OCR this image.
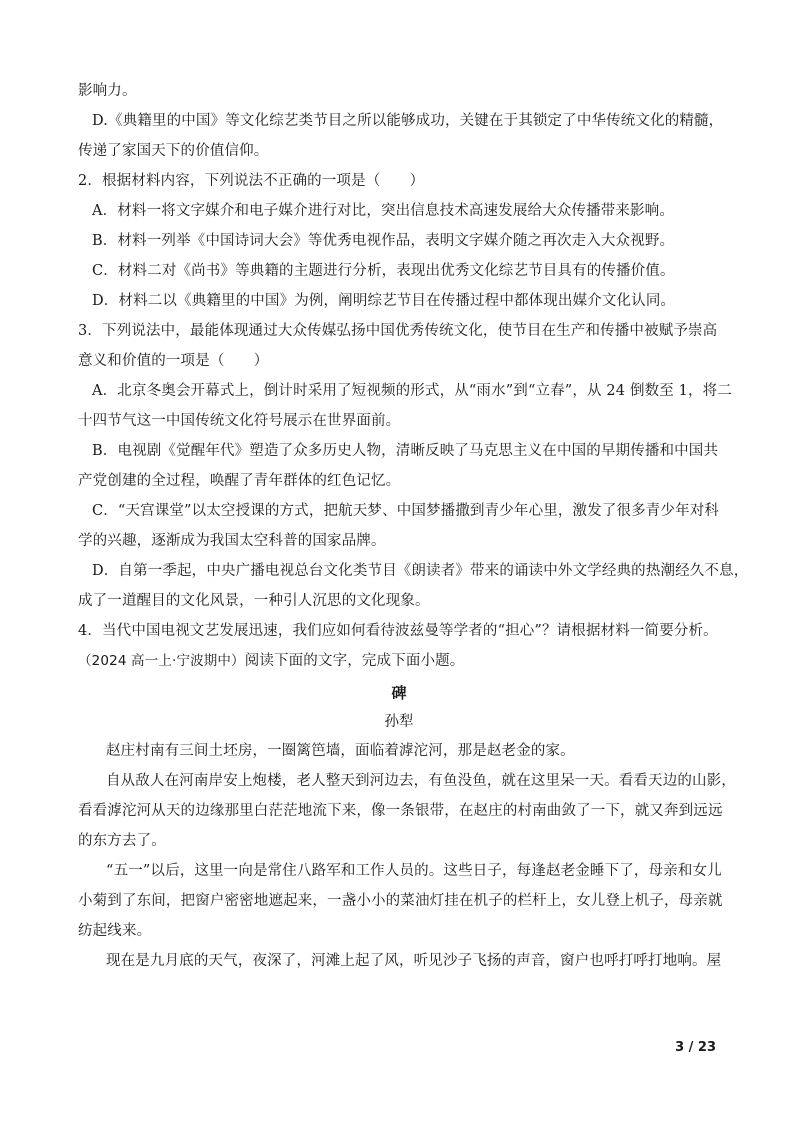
影响力。
D.《典籍里的中国》等文化综艺类节目之所以能够成功，关键在于其锁定了中华传统文化的精髓，
传递了家国天下的价值信仰。
2．根据材料内容，下列说法不正确的一项是（　　）
A．材料一将文字媒介和电子媒介进行对比，突出信息技术高速发展给大众传播带来影响。
B．材料一列举《中国诗词大会》等优秀电视作品，表明文字媒介随之再次走入大众视野。
C．材料二对《尚书》等典籍的主题进行分析，表现出优秀文化综艺节目具有的传播价值。
D．材料二以《典籍里的中国》为例，阐明综艺节目在传播过程中都体现出媒介文化认同。
3．下列说法中，最能体现通过大众传媒弘扬中国优秀传统文化，使节目在生产和传播中被赋予崇高
意义和价值的一项是（　　）
A．北京冬奥会开幕式上，倒计时采用了短视频的形式，从“雨水”到“立春”，从 24 倒数至 1，将二
十四节气这一中国传统文化符号展示在世界面前。
B．电视剧《觉醒年代》塑造了众多历史人物，清晰反映了马克思主义在中国的早期传播和中国共
产党创建的全过程，唤醒了青年群体的红色记忆。
C．“天宫课堂”以太空授课的方式，把航天梦、中国梦播撒到青少年心里，激发了很多青少年对科
学的兴趣，逐渐成为我国太空科普的国家品牌。
D．自第一季起，中央广播电视总台文化类节目《朗读者》带来的诵读中外文学经典的热潮经久不息，
成了一道醒目的文化风景，一种引人沉思的文化现象。
4．当代中国电视文艺发展迅速，我们应如何看待波兹曼等学者的“担心”？请根据材料一简要分析。
（2024 高一上·宁波期中）阅读下面的文字，完成下面小题。
碑
孙犁
赵庄村南有三间土坯房，一圈篱笆墙，面临着滹沱河，那是赵老金的家。
自从敌人在河南岸安上炮楼，老人整天到河边去，有鱼没鱼，就在这里呆一天。看看天边的山影，
看看滹沱河从天的边缘那里白茫茫地流下来，像一条银带，在赵庄的村南曲敛了一下，就又奔到远远
的东方去了。
“五一”以后，这里一向是常住八路军和工作人员的。这些日子，每逢赵老金睡下了，母亲和女儿
小菊到了东间，把窗户密密地遮起来，一盏小小的菜油灯挂在机子的栏杆上，女儿登上机子，母亲就
纺起线来。
现在是九月底的天气，夜深了，河滩上起了风，听见沙子飞扬的声音，窗户也呼打呼打地响。屋
3 / 23
